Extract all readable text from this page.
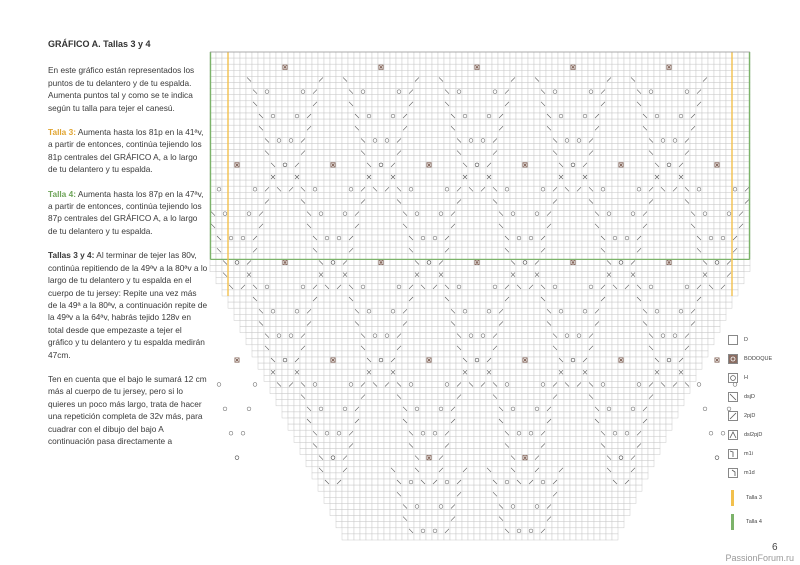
GRÁFICO A. Tallas 3 y 4

En este gráfico están representados los puntos de tu delantero y de tu espalda. Aumenta puntos tal y como se te indica según tu talla para tejer el canesú.

Talla 3: Aumenta hasta los 81p en la 41ªv, a partir de entonces, continúa tejiendo los 81p centrales del GRÁFICO A, a lo largo de tu delantero y tu espalda.

Talla 4: Aumenta hasta los 87p en la 47ªv, a partir de entonces, continúa tejiendo los 87p centrales del GRÁFICO A, a lo largo de tu delantero y tu espalda.

Tallas 3 y 4: Al terminar de tejer las 80v, continúa repitiendo de la 49ªv a la 80ªv a lo largo de tu delantero y tu espalda en el cuerpo de tu jersey: Repite una vez más de la 49ª a la 80ªv, a continuación repite de la 49ªv a la 64ªv, habrás tejido 128v en total desde que empezaste a tejer el gráfico y tu delantero y tu espalda medirán 47cm.

Ten en cuenta que el bajo le sumará 12 cm más al cuerpo de tu jersey, pero si lo quieres un poco más largo, trata de hacer una repetición completa de 32v más, para cuadrar con el dibujo del bajo A continuación pasa directamente a

D
BODOQUE
H
dsjD
2pjD
dsl2pjD
m1i
m1d
Talla 3
Talla 4
6
PassionForum.ru
